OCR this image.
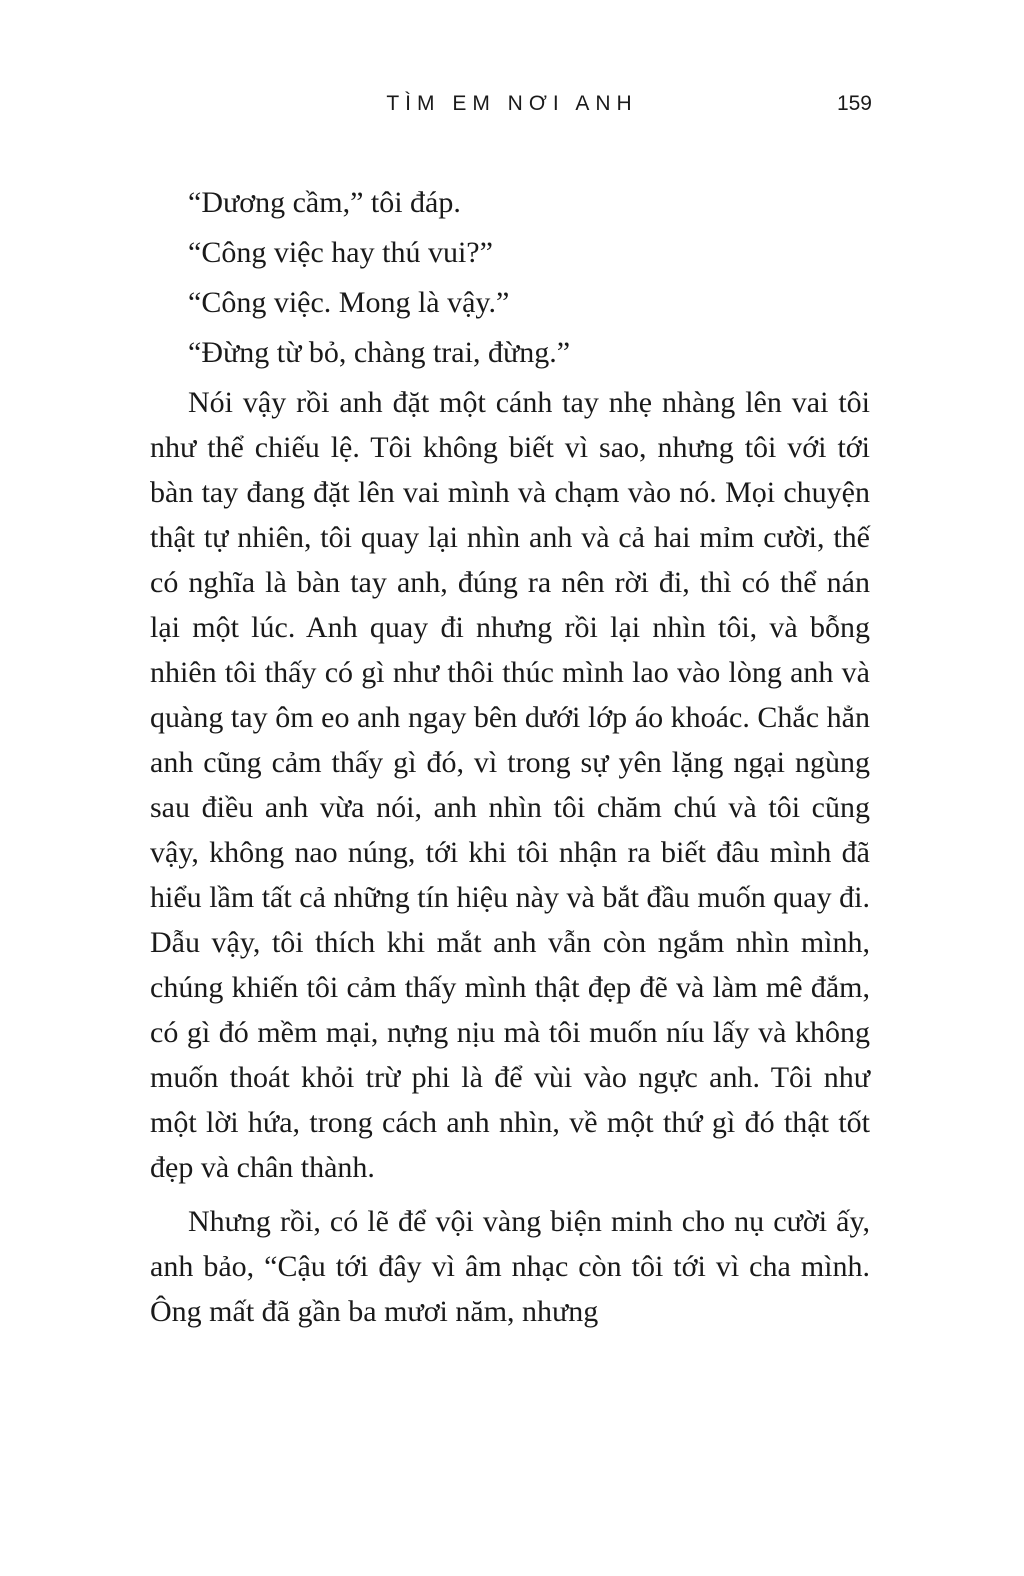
TÌM EM NƠI ANH	159

“Dương cầm,” tôi đáp.

“Công việc hay thú vui?”

“Công việc. Mong là vậy.”

“Đừng từ bỏ, chàng trai, đừng.”

Nói vậy rồi anh đặt một cánh tay nhẹ nhàng lên vai tôi như thể chiếu lệ. Tôi không biết vì sao, nhưng tôi với tới bàn tay đang đặt lên vai mình và chạm vào nó. Mọi chuyện thật tự nhiên, tôi quay lại nhìn anh và cả hai mỉm cười, thế có nghĩa là bàn tay anh, đúng ra nên rời đi, thì có thể nán lại một lúc. Anh quay đi nhưng rồi lại nhìn tôi, và bỗng nhiên tôi thấy có gì như thôi thúc mình lao vào lòng anh và quàng tay ôm eo anh ngay bên dưới lớp áo khoác. Chắc hẳn anh cũng cảm thấy gì đó, vì trong sự yên lặng ngại ngùng sau điều anh vừa nói, anh nhìn tôi chăm chú và tôi cũng vậy, không nao núng, tới khi tôi nhận ra biết đâu mình đã hiểu lầm tất cả những tín hiệu này và bắt đầu muốn quay đi. Dẫu vậy, tôi thích khi mắt anh vẫn còn ngắm nhìn mình, chúng khiến tôi cảm thấy mình thật đẹp đẽ và làm mê đắm, có gì đó mềm mại, nựng nịu mà tôi muốn níu lấy và không muốn thoát khỏi trừ phi là để vùi vào ngực anh. Tôi như một lời hứa, trong cách anh nhìn, về một thứ gì đó thật tốt đẹp và chân thành.

Nhưng rồi, có lẽ để vội vàng biện minh cho nụ cười ấy, anh bảo, “Cậu tới đây vì âm nhạc còn tôi tới vì cha mình. Ông mất đã gần ba mươi năm, nhưng
